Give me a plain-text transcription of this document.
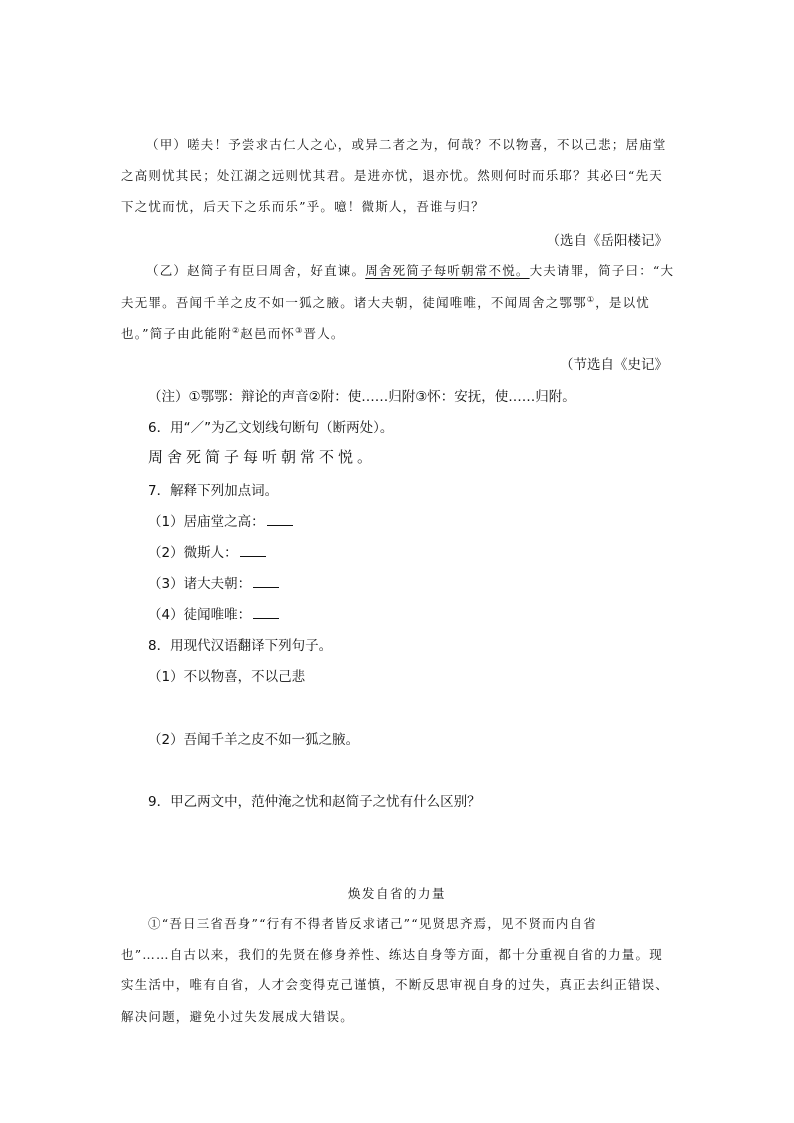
（甲）嗟夫！予尝求古仁人之心，或异二者之为，何哉？不以物喜，不以己悲；居庙堂
之高则忧其民；处江湖之远则忧其君。是进亦忧，退亦忧。然则何时而乐耶？其必曰“先天
下之忧而忧，后天下之乐而乐”乎。噫！微斯人，吾谁与归？
（选自《岳阳楼记》
（乙）赵简子有臣曰周舍，好直谏。周舍死简子每听朝常不悦。大夫请罪，简子曰：“大
夫无罪。吾闻千羊之皮不如一狐之腋。诸大夫朝，徒闻唯唯，不闻周舍之鄂鄂①，是以忧
也。”简子由此能附②赵邑而怀③晋人。
（节选自《史记》
（注）①鄂鄂：辩论的声音②附：使……归附③怀：安抚，使……归附。
6．用“／”为乙文划线句断句（断两处）。
周舍死简子每听朝常不悦。
7．解释下列加点词。
（1）居庙堂之高：
（2）微斯人：
（3）诸大夫朝：
（4）徒闻唯唯：
8．用现代汉语翻译下列句子。
（1）不以物喜，不以己悲
（2）吾闻千羊之皮不如一狐之腋。
9．甲乙两文中，范仲淹之忧和赵简子之忧有什么区别？
焕发自省的力量
①“吾日三省吾身”“行有不得者皆反求诸己”“见贤思齐焉，见不贤而内自省
也”……自古以来，我们的先贤在修身养性、练达自身等方面，都十分重视自省的力量。现
实生活中，唯有自省，人才会变得克己谨慎，不断反思审视自身的过失，真正去纠正错误、
解决问题，避免小过失发展成大错误。
